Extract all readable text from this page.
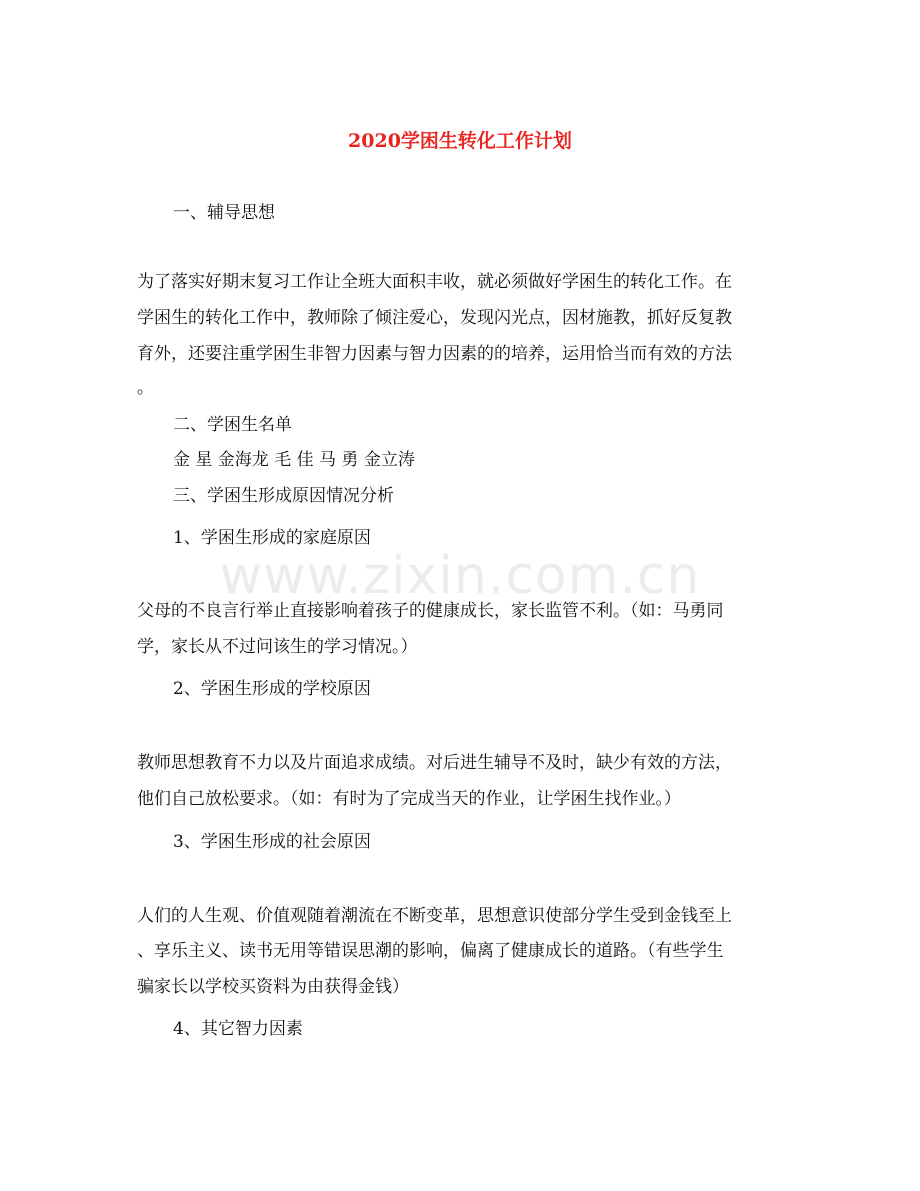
www.zixin.com.cn
2020学困生转化工作计划
一、辅导思想
为了落实好期末复习工作让全班大面积丰收，就必须做好学困生的转化工作。在
学困生的转化工作中，教师除了倾注爱心，发现闪光点，因材施教，抓好反复教
育外，还要注重学困生非智力因素与智力因素的的培养，运用恰当而有效的方法
。
二、学困生名单
金 星 金海龙 毛 佳 马 勇 金立涛
三、学困生形成原因情况分析
1、学困生形成的家庭原因
父母的不良言行举止直接影响着孩子的健康成长，家长监管不利。（如：马勇同
学，家长从不过问该生的学习情况。）
2、学困生形成的学校原因
教师思想教育不力以及片面追求成绩。对后进生辅导不及时，缺少有效的方法，
他们自己放松要求。（如：有时为了完成当天的作业，让学困生找作业。）
3、学困生形成的社会原因
人们的人生观、价值观随着潮流在不断变革，思想意识使部分学生受到金钱至上
、享乐主义、读书无用等错误思潮的影响，偏离了健康成长的道路。（有些学生
骗家长以学校买资料为由获得金钱）
4、其它智力因素
